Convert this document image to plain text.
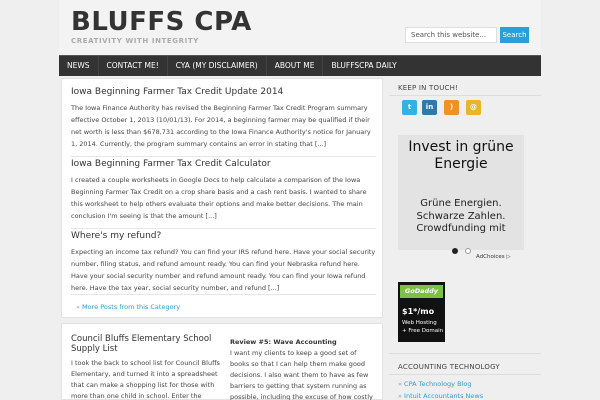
BLUFFS CPA
CREATIVITY WITH INTEGRITY
Search this website...	Search
NEWS	CONTACT ME!	CYA (MY DISCLAIMER)	ABOUT ME	BLUFFSCPA DAILY
Iowa Beginning Farmer Tax Credit Update 2014
The Iowa Finance Authority has revised the Beginning Farmer Tax Credit Program summary effective October 1, 2013 (10/01/13). For 2014, a beginning farmer may be qualified if their net worth is less than $678,731 according to the Iowa Finance Authority's notice for January 1, 2014. Currently, the program summary contains an error in stating that [...]
Iowa Beginning Farmer Tax Credit Calculator
I created a couple worksheets in Google Docs to help calculate a comparison of the Iowa Beginning Farmer Tax Credit on a crop share basis and a cash rent basis. I wanted to share this worksheet to help others evaluate their options and make better decisions. The main conclusion I'm seeing is that the amount [...]
Where's my refund?
Expecting an income tax refund? You can find your IRS refund here. Have your social security number, filing status, and refund amount ready. You can find your Nebraska refund here. Have your social security number and refund amount ready. You can find your Iowa refund here. Have the tax year, social security number, and refund [...]
» More Posts from this Category
Council Bluffs Elementary School Supply List
I took the back to school list for Council Bluffs Elementary, and turned it into a spreadsheet that can make a shopping list for those with more than one child in school. Enter the
Review #5: Wave Accounting
I want my clients to keep a good set of books so that I can help them make good decisions. I also want them to have as few barriers to getting that system running as possible, including the excuse of how costly
KEEP IN TOUCH!
t	in	)	@
Invest in grüne Energie
Grüne Energien. Schwarze Zahlen. Crowdfunding mit
AdChoices ▷
GoDaddy
$1*/mo
Web Hosting
+ Free Domain
ACCOUNTING TECHNOLOGY
» CPA Technology Blog
» Intuit Accountants News
